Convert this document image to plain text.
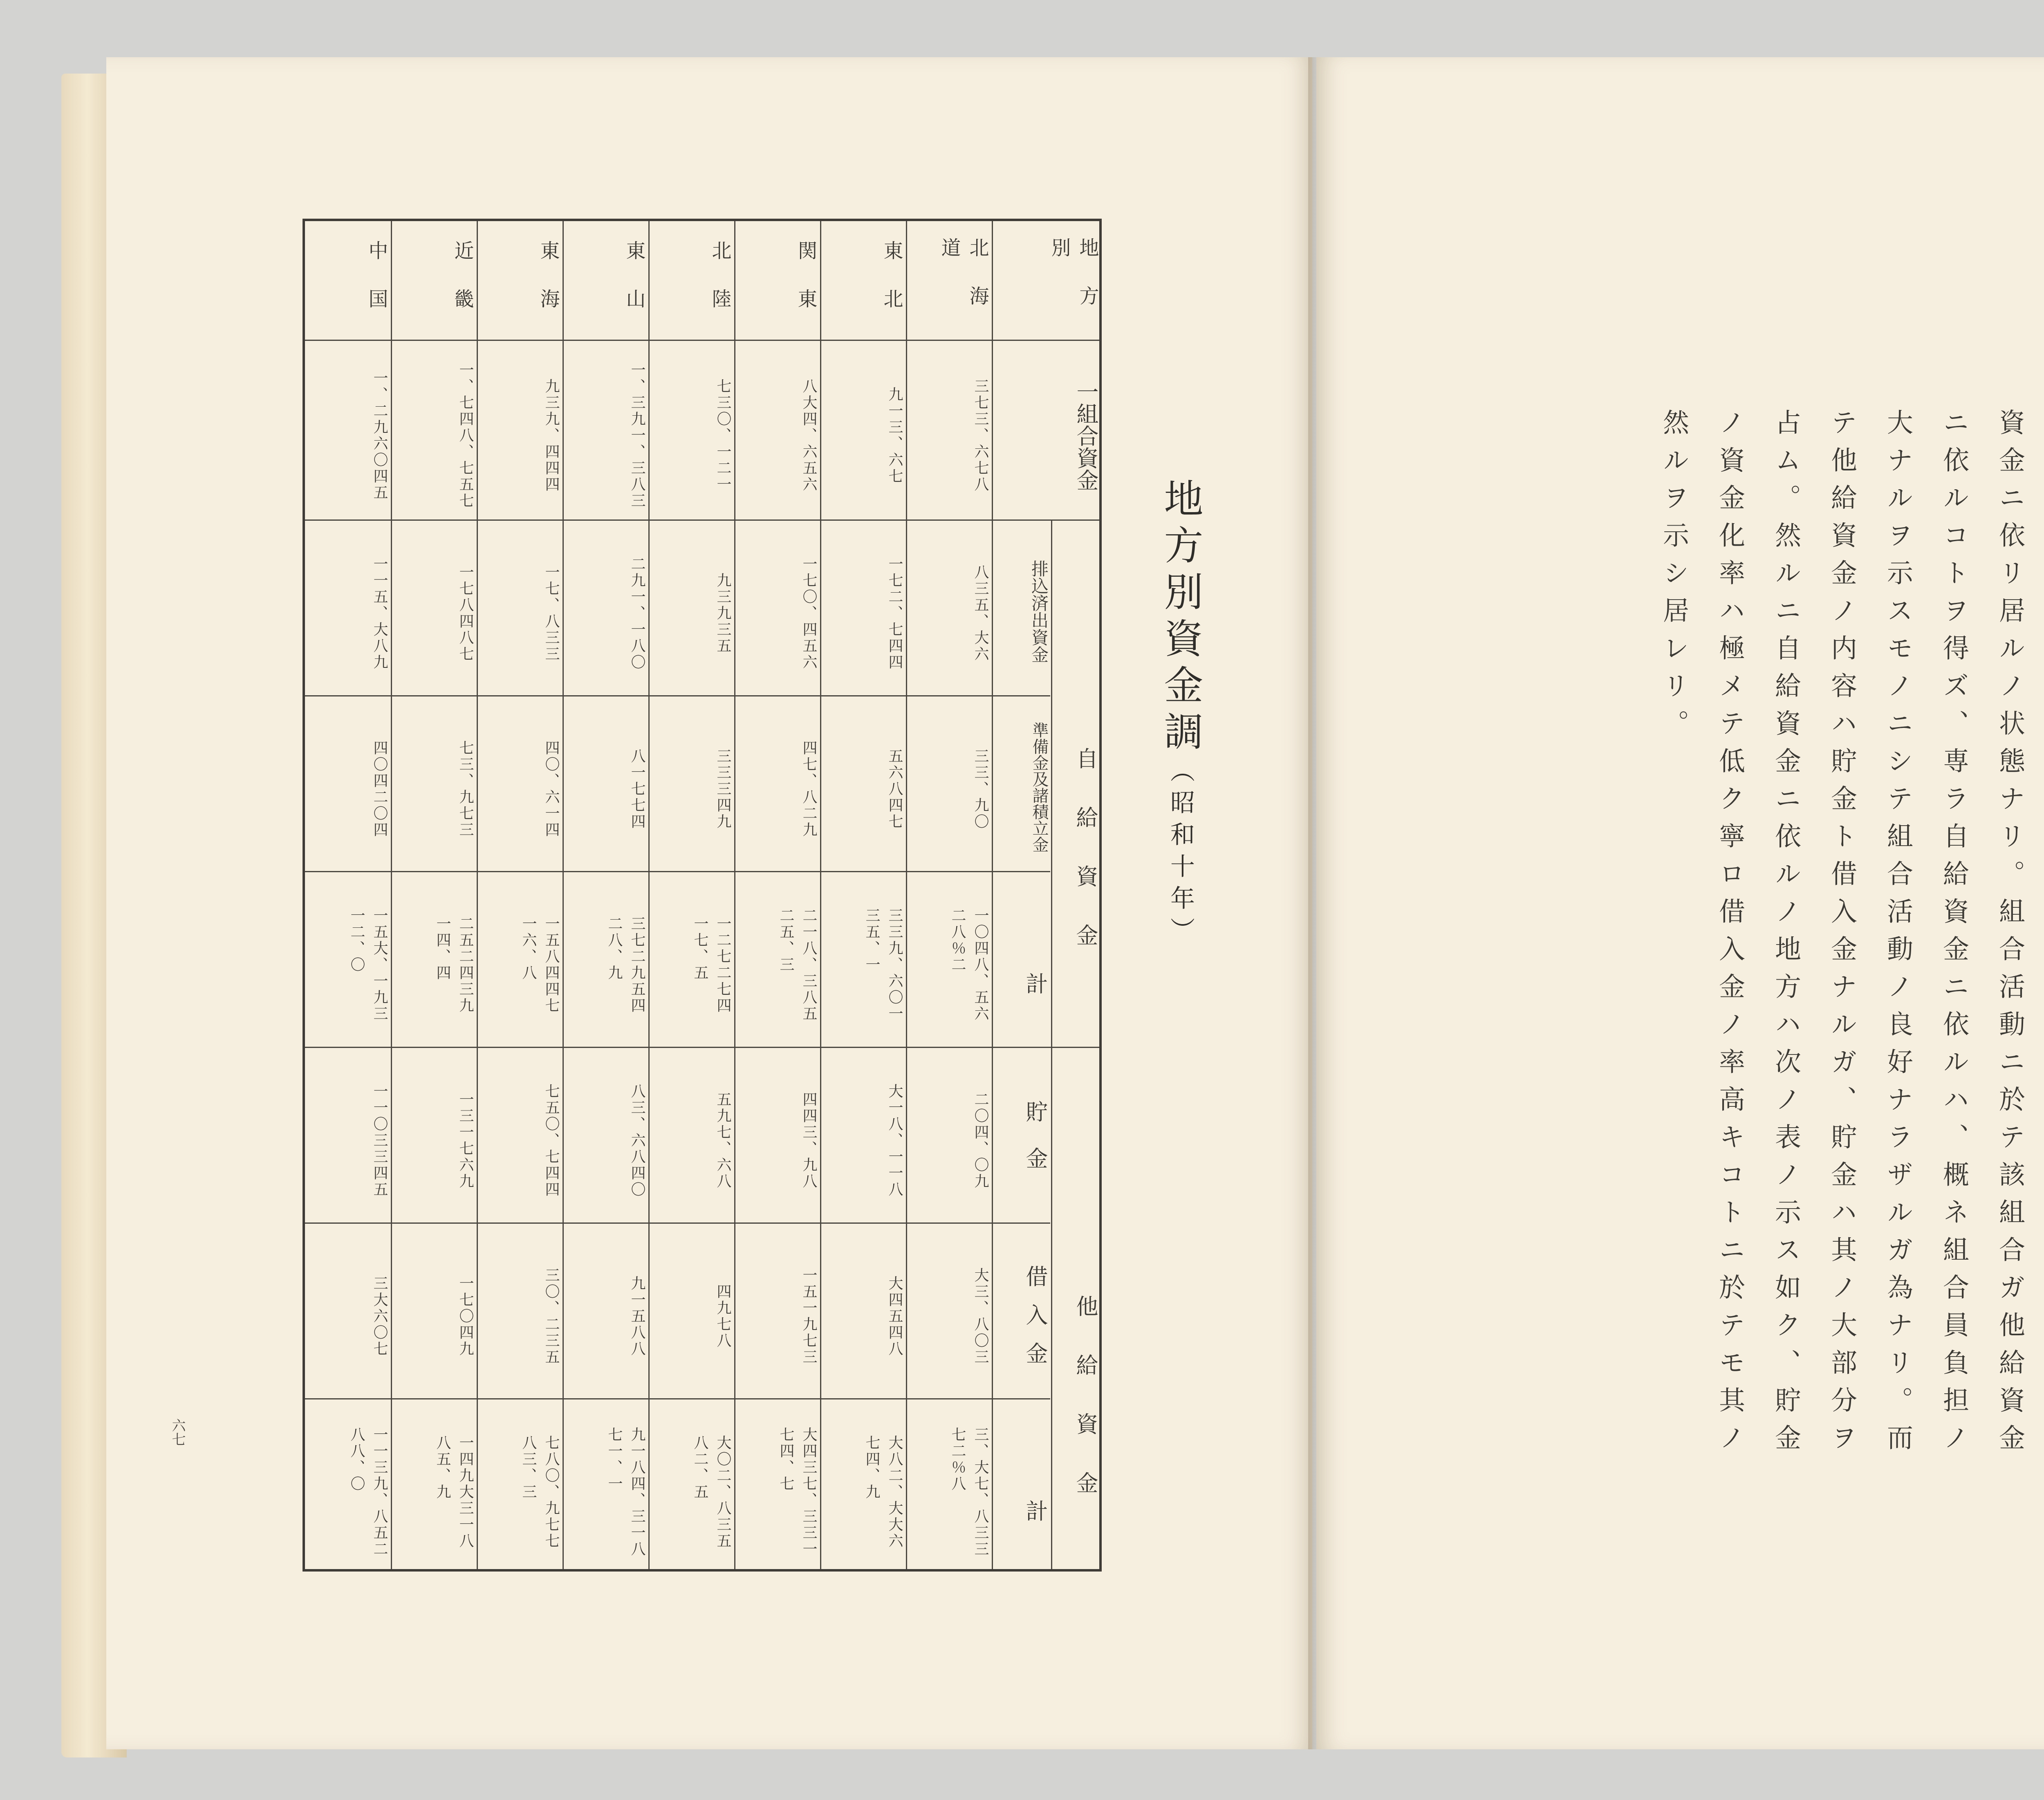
地方別
北海道
東北
関東
北陸
東山
東海
近畿
中国
一組合資金
自給資金
排込済出資金
準備金及諸積立金
計
他給資金
貯金
借入金
計
三七三、六七八
八三五、大六
三三、九〇
一〇四八、五六
二八％二
二〇四、〇九
大三、八〇三
三、大七、八三三
七二％八
九一三、六七
一七二、七四四
五六八四七
三三九、六〇一
三五、一
大一八、一一八
大四五四八
大八二、大大六
七四、九
八大四、六五六
一七〇、四五六
四七、八二九
二一八、三八五
二五、三
四四三、九八
一五一九七三
大四三七、三三一
七四、七
七三〇、一二一
九三九三五
三三三四九
一二七二七四
一七、五
五九七、六八
四九七八
大〇二、八三五
八二、五
一、三九一、三八三
二九一、一八〇
八一七七四
三七二九五四
二八、九
八三、六八四〇
九一五八八
九一八四、三一八
七一、一
九三九、四四四
一七、八三三
四〇、六一四
一五八四四七
一六、八
七五〇、七四四
三〇、二三五
七八〇、九七七
八三、三
一、七四八、七五七
一七八四八七
七三、九七三
二五二四三九
一四、四
一三一七六九
一七〇四九
一四九大三一八
八五、九
一、二九六〇四五
一一五、大八九
四〇四二〇四
一五大、一九三
一二、〇
一一〇三三四五
三大六〇七
一一三九、八五二
八八、〇
地方別資金調（昭和十年）
六七	資金ニ依リ居ルノ状態ナリ。組合活動ニ於テ該組合ガ他給資金
ニ依ルコトヲ得ズ、専ラ自給資金ニ依ルハ、概ネ組合員負担ノ
大ナルヲ示スモノニシテ組合活動ノ良好ナラザルガ為ナリ。而
テ他給資金ノ内容ハ貯金ト借入金ナルガ、貯金ハ其ノ大部分ヲ
占ム。然ルニ自給資金ニ依ルノ地方ハ次ノ表ノ示ス如ク、貯金
ノ資金化率ハ極メテ低ク寧ロ借入金ノ率高キコトニ於テモ其ノ
然ルヲ示シ居レリ。
